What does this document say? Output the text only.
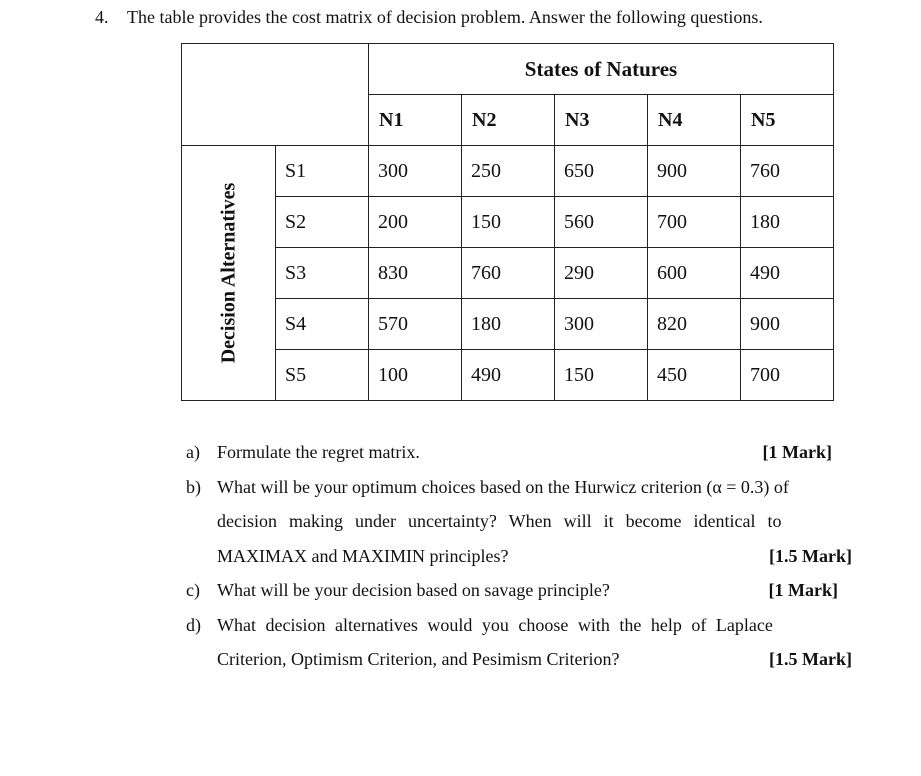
4. The table provides the cost matrix of decision problem. Answer the following questions.
		States of Natures				
		N1	N2	N3	N4	N5

Decision Alternatives	S1	300	250	650	900	760
	S2	200	150	560	700	180
	S3	830	760	290	600	490
	S4	570	180	300	820	900
	S5	100	490	150	450	700
a) Formulate the regret matrix.	[1 Mark]
b) What will be your optimum choices based on the Hurwicz criterion (α = 0.3) of
decision making under uncertainty? When will it become identical to
MAXIMAX and MAXIMIN principles?	[1.5 Mark]
c) What will be your decision based on savage principle?	[1 Mark]
d) What decision alternatives would you choose with the help of Laplace
Criterion, Optimism Criterion, and Pesimism Criterion?	[1.5 Mark]
